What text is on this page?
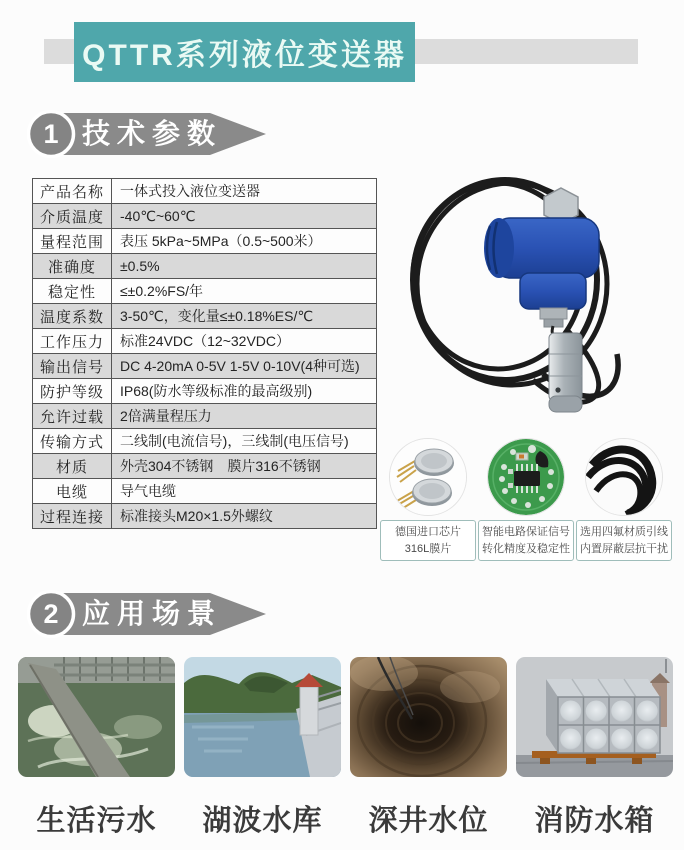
QTTR系列液位变送器
1 技术参数
产品名称	一体式投入液位变送器
介质温度	-40℃~60℃
量程范围	表压 5kPa~5MPa（0.5~500米）
准确度	±0.5%
稳定性	≤±0.2%FS/年
温度系数	3-50℃，变化量≤±0.18%ES/℃
工作压力	标准24VDC（12~32VDC）
输出信号	DC 4-20mA 0-5V 1-5V 0-10V(4种可选)
防护等级	IP68(防水等级标准的最高级别)
允许过载	2倍满量程压力
传输方式	二线制(电流信号)，三线制(电压信号)
材质	外壳304不锈钢　膜片316不锈钢
电缆	导气电缆
过程连接	标准接头M20×1.5外螺纹
德国进口芯片
316L膜片
智能电路保证信号
转化精度及稳定性
选用四氟材质引线
内置屏蔽层抗干扰
2 应用场景
生活污水	湖波水库	深井水位	消防水箱
